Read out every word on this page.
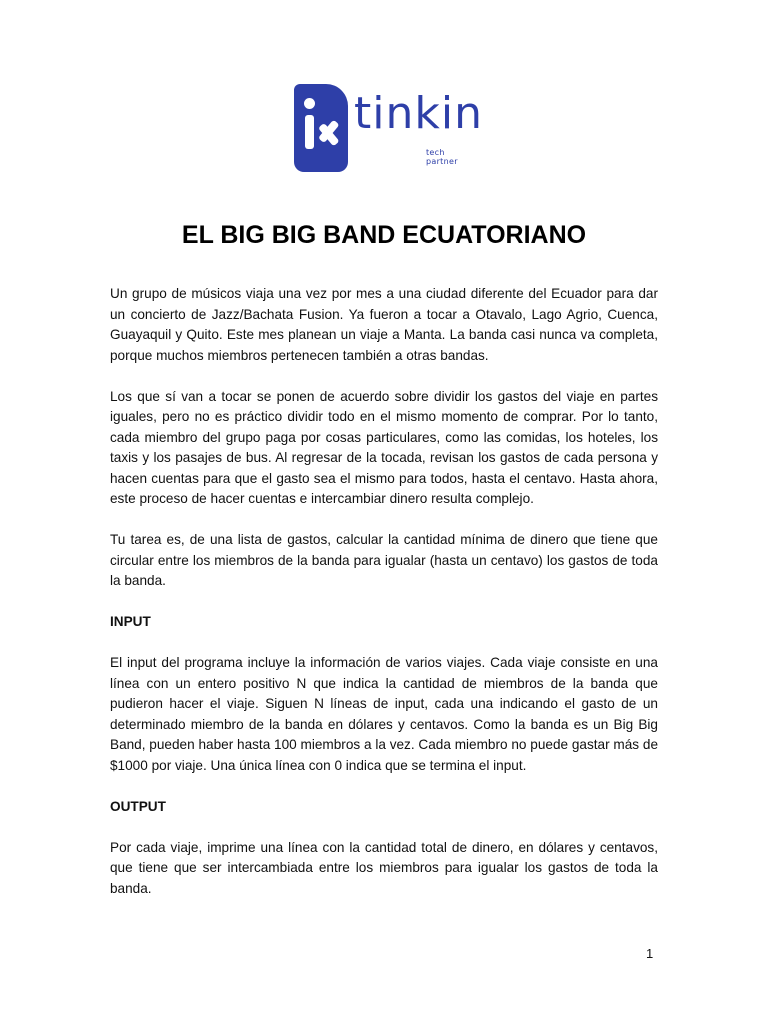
tinkin
tech partner
EL BIG BIG BAND ECUATORIANO

Un grupo de músicos viaja una vez por mes a una ciudad diferente del Ecuador para dar un concierto de Jazz/Bachata Fusion. Ya fueron a tocar a Otavalo, Lago Agrio, Cuenca, Guayaquil y Quito. Este mes planean un viaje a Manta. La banda casi nunca va completa, porque muchos miembros pertenecen también a otras bandas.

Los que sí van a tocar se ponen de acuerdo sobre dividir los gastos del viaje en partes iguales, pero no es práctico dividir todo en el mismo momento de comprar. Por lo tanto, cada miembro del grupo paga por cosas particulares, como las comidas, los hoteles, los taxis y los pasajes de bus. Al regresar de la tocada, revisan los gastos de cada persona y hacen cuentas para que el gasto sea el mismo para todos, hasta el centavo. Hasta ahora, este proceso de hacer cuentas e intercambiar dinero resulta complejo.

Tu tarea es, de una lista de gastos, calcular la cantidad mínima de dinero que tiene que circular entre los miembros de la banda para igualar (hasta un centavo) los gastos de toda la banda.

INPUT

El input del programa incluye la información de varios viajes. Cada viaje consiste en una línea con un entero positivo N que indica la cantidad de miembros de la banda que pudieron hacer el viaje. Siguen N líneas de input, cada una indicando el gasto de un determinado miembro de la banda en dólares y centavos. Como la banda es un Big Big Band, pueden haber hasta 100 miembros a la vez. Cada miembro no puede gastar más de $1000 por viaje. Una única línea con 0 indica que se termina el input.

OUTPUT

Por cada viaje, imprime una línea con la cantidad total de dinero, en dólares y centavos, que tiene que ser intercambiada entre los miembros para igualar los gastos de toda la banda.

1
